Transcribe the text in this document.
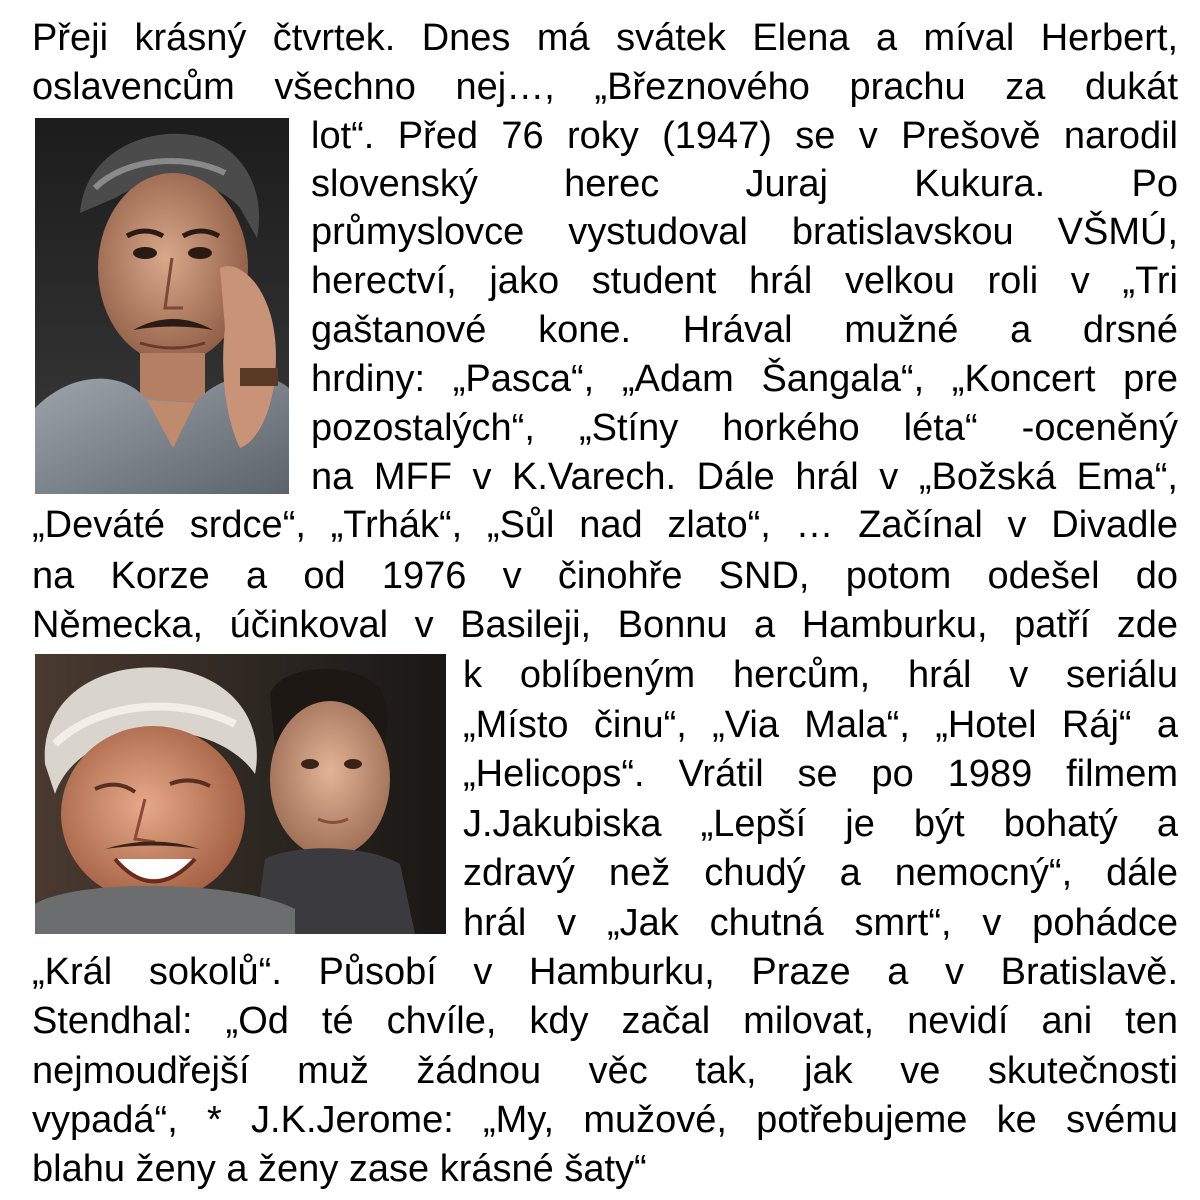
Přeji krásný čtvrtek. Dnes má svátek Elena a míval Herbert,
oslavencům všechno nej…, „Březnového prachu za dukát
lot“. Před 76 roky (1947) se v Prešově narodil
slovenský herec Juraj Kukura. Po
průmyslovce vystudoval bratislavskou VŠMÚ,
herectví, jako student hrál velkou roli v „Tri
gaštanové kone. Hrával mužné a drsné
hrdiny: „Pasca“, „Adam Šangala“, „Koncert pre
pozostalých“, „Stíny horkého léta“ -oceněný
na MFF v K.Varech. Dále hrál v „Božská Ema“,
„Deváté srdce“, „Trhák“, „Sůl nad zlato“, … Začínal v Divadle
na Korze a od 1976 v činohře SND, potom odešel do
Německa, účinkoval v Basileji, Bonnu a Hamburku, patří zde
k oblíbeným hercům, hrál v seriálu
„Místo činu“, „Via Mala“, „Hotel Ráj“ a
„Helicops“. Vrátil se po 1989 filmem
J.Jakubiska „Lepší je být bohatý a
zdravý než chudý a nemocný“, dále
hrál v „Jak chutná smrt“, v pohádce
„Král sokolů“. Působí v Hamburku, Praze a v Bratislavě.
Stendhal: „Od té chvíle, kdy začal milovat, nevidí ani ten
nejmoudřejší muž žádnou věc tak, jak ve skutečnosti
vypadá“, * J.K.Jerome: „My, mužové, potřebujeme ke svému
blahu ženy a ženy zase krásné šaty“
